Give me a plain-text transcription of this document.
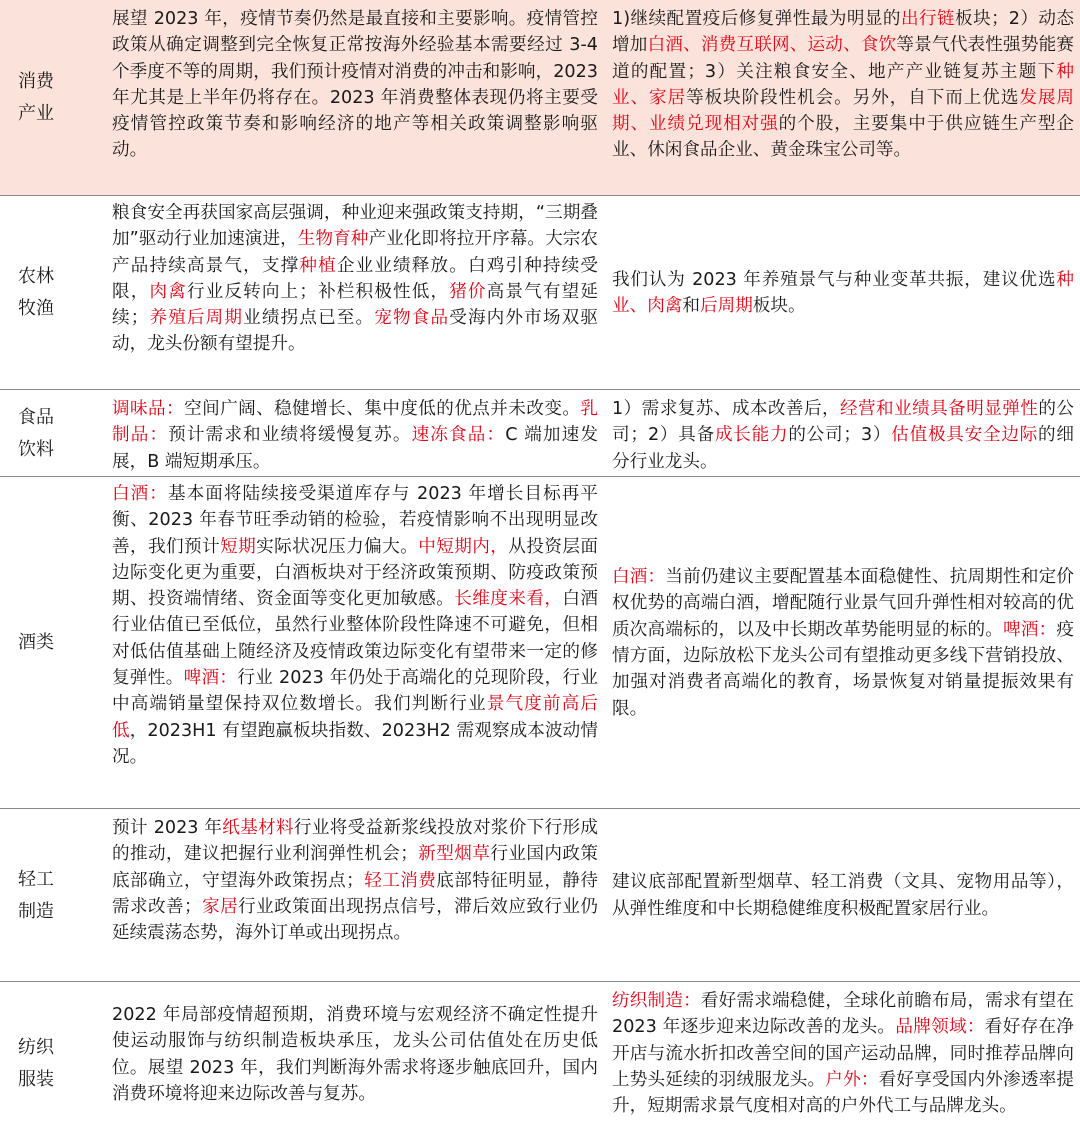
消费
产业
展望 2023 年，疫情节奏仍然是最直接和主要影响。疫情管控政策从确定调整到完全恢复正常按海外经验基本需要经过 3-4 个季度不等的周期，我们预计疫情对消费的冲击和影响，2023 年尤其是上半年仍将存在。2023 年消费整体表现仍将主要受疫情管控政策节奏和影响经济的地产等相关政策调整影响驱动。
1)继续配置疫后修复弹性最为明显的出行链板块；2）动态增加白酒、消费互联网、运动、食饮等景气代表性强势能赛道的配置；3）关注粮食安全、地产产业链复苏主题下种业、家居等板块阶段性机会。另外，自下而上优选发展周期、业绩兑现相对强的个股，主要集中于供应链生产型企业、休闲食品企业、黄金珠宝公司等。
农林
牧渔
粮食安全再获国家高层强调，种业迎来强政策支持期，“三期叠加”驱动行业加速演进，生物育种产业化即将拉开序幕。大宗农产品持续高景气，支撑种植企业业绩释放。白鸡引种持续受限，肉禽行业反转向上；补栏积极性低，猪价高景气有望延续；养殖后周期业绩拐点已至。宠物食品受海内外市场双驱动，龙头份额有望提升。
我们认为 2023 年养殖景气与种业变革共振，建议优选种业、肉禽和后周期板块。
食品
饮料
调味品：空间广阔、稳健增长、集中度低的优点并未改变。乳制品：预计需求和业绩将缓慢复苏。速冻食品：C 端加速发展，B 端短期承压。
1）需求复苏、成本改善后，经营和业绩具备明显弹性的公司；2）具备成长能力的公司；3）估值极具安全边际的细分行业龙头。
酒类
白酒：基本面将陆续接受渠道库存与 2023 年增长目标再平衡、2023 年春节旺季动销的检验，若疫情影响不出现明显改善，我们预计短期实际状况压力偏大。中短期内，从投资层面边际变化更为重要，白酒板块对于经济政策预期、防疫政策预期、投资端情绪、资金面等变化更加敏感。长维度来看，白酒行业估值已至低位，虽然行业整体阶段性降速不可避免，但相对低估值基础上随经济及疫情政策边际变化有望带来一定的修复弹性。啤酒：行业 2023 年仍处于高端化的兑现阶段，行业中高端销量望保持双位数增长。我们判断行业景气度前高后低，2023H1 有望跑赢板块指数、2023H2 需观察成本波动情况。
白酒：当前仍建议主要配置基本面稳健性、抗周期性和定价权优势的高端白酒，增配随行业景气回升弹性相对较高的优质次高端标的，以及中长期改革势能明显的标的。啤酒：疫情方面，边际放松下龙头公司有望推动更多线下营销投放、加强对消费者高端化的教育，场景恢复对销量提振效果有限。
轻工
制造
预计 2023 年纸基材料行业将受益新浆线投放对浆价下行形成的推动，建议把握行业利润弹性机会；新型烟草行业国内政策底部确立，守望海外政策拐点；轻工消费底部特征明显，静待需求改善；家居行业政策面出现拐点信号，滞后效应致行业仍延续震荡态势，海外订单或出现拐点。
建议底部配置新型烟草、轻工消费（文具、宠物用品等），从弹性维度和中长期稳健维度积极配置家居行业。
纺织
服装
2022 年局部疫情超预期，消费环境与宏观经济不确定性提升使运动服饰与纺织制造板块承压，龙头公司估值处在历史低位。展望 2023 年，我们判断海外需求将逐步触底回升，国内消费环境将迎来边际改善与复苏。
纺织制造：看好需求端稳健，全球化前瞻布局，需求有望在 2023 年逐步迎来边际改善的龙头。品牌领域：看好存在净开店与流水折扣改善空间的国产运动品牌，同时推荐品牌向上势头延续的羽绒服龙头。户外：看好享受国内外渗透率提升，短期需求景气度相对高的户外代工与品牌龙头。
